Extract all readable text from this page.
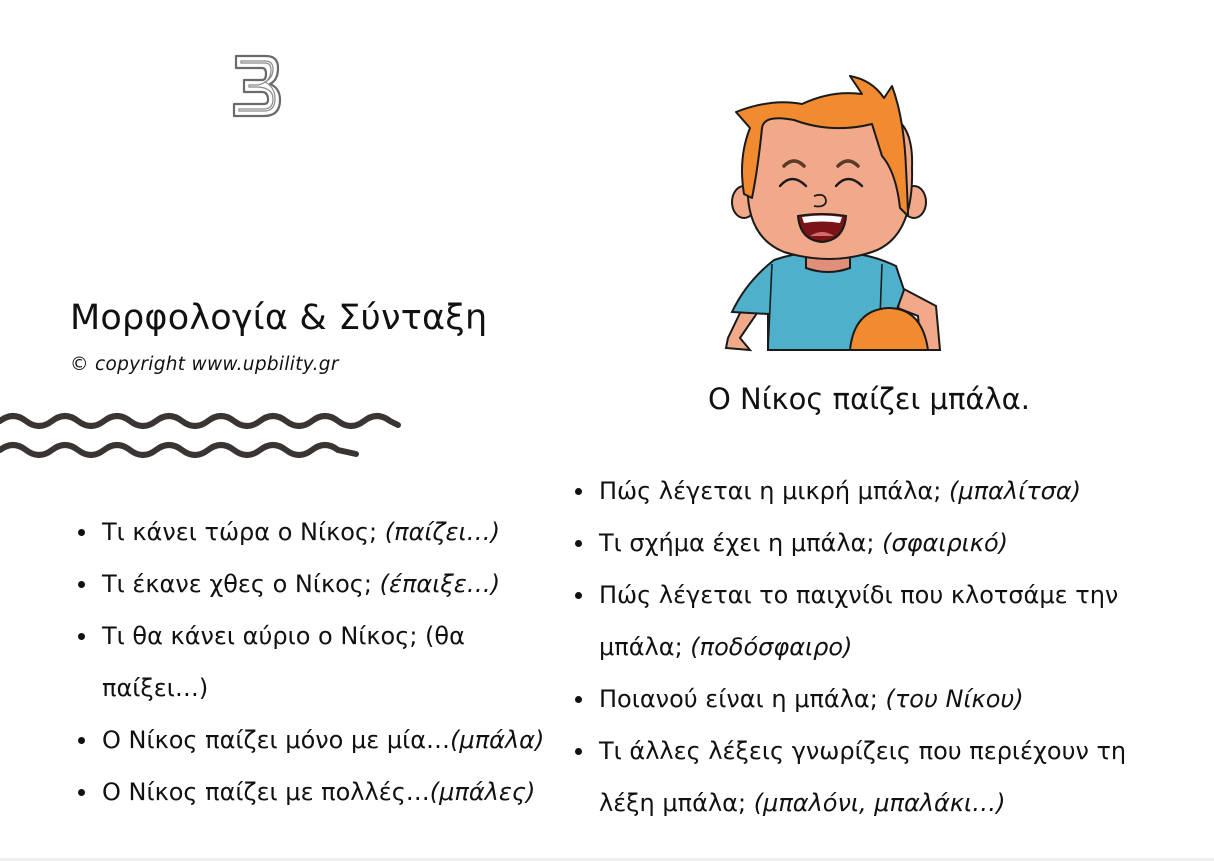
Μορφολογία & Σύνταξη
© copyright www.upbility.gr
Ο Νίκος παίζει μπάλα.
Τι κάνει τώρα ο Νίκος; (παίζει…)
Τι έκανε χθες ο Νίκος; (έπαιξε…)
Τι θα κάνει αύριο ο Νίκος; (θα παίξει…)
Ο Νίκος παίζει μόνο με μία…(μπάλα)
Ο Νίκος παίζει με πολλές…(μπάλες)
Πώς λέγεται η μικρή μπάλα; (μπαλίτσα)
Τι σχήμα έχει η μπάλα; (σφαιρικό)
Πώς λέγεται το παιχνίδι που κλοτσάμε την μπάλα; (ποδόσφαιρο)
Ποιανού είναι η μπάλα; (του Νίκου)
Τι άλλες λέξεις γνωρίζεις που περιέχουν τη λέξη μπάλα; (μπαλόνι, μπαλάκι…)
